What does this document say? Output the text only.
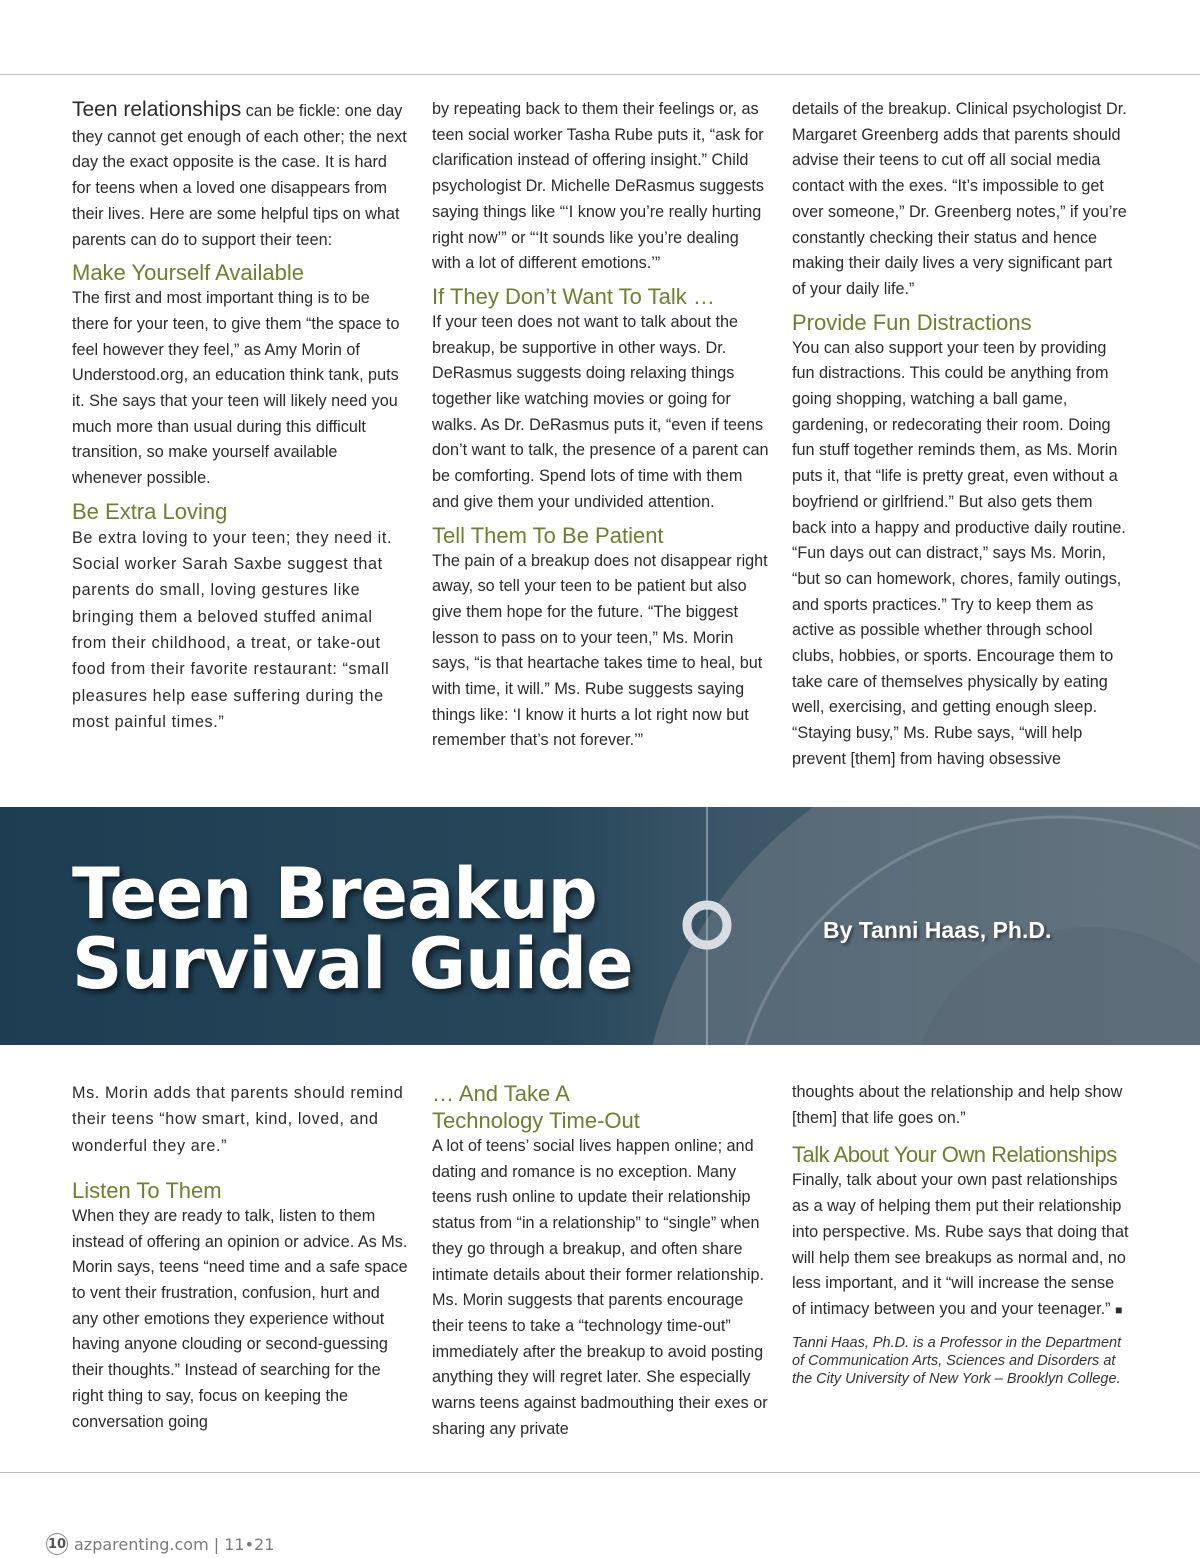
Teen relationships can be fickle: one day they cannot get enough of each other; the next day the exact opposite is the case. It is hard for teens when a loved one disappears from their lives. Here are some helpful tips on what parents can do to support their teen:

Make Yourself Available

The first and most important thing is to be there for your teen, to give them “the space to feel however they feel,” as Amy Morin of Understood.org, an education think tank, puts it. She says that your teen will likely need you much more than usual during this difficult transition, so make yourself available whenever possible.

Be Extra Loving

Be extra loving to your teen; they need it. Social worker Sarah Saxbe suggest that parents do small, loving gestures like bringing them a beloved stuffed animal from their childhood, a treat, or take-out food from their favorite restaurant: “small pleasures help ease suffering during the most painful times.”

by repeating back to them their feelings or, as teen social worker Tasha Rube puts it, “ask for clarification instead of offering insight.” Child psychologist Dr. Michelle DeRasmus suggests saying things like “‘I know you’re really hurting right now’” or “‘It sounds like you’re dealing with a lot of different emotions.’”

If They Don’t Want To Talk …

If your teen does not want to talk about the breakup, be supportive in other ways. Dr. DeRasmus suggests doing relaxing things together like watching movies or going for walks. As Dr. DeRasmus puts it, “even if teens don’t want to talk, the presence of a parent can be comforting. Spend lots of time with them and give them your undivided attention.

Tell Them To Be Patient

The pain of a breakup does not disappear right away, so tell your teen to be patient but also give them hope for the future. “The biggest lesson to pass on to your teen,” Ms. Morin says, “is that heartache takes time to heal, but with time, it will.” Ms. Rube suggests saying things like: ‘I know it hurts a lot right now but remember that’s not forever.’”

details of the breakup. Clinical psychologist Dr. Margaret Greenberg adds that parents should advise their teens to cut off all social media contact with the exes. “It’s impossible to get over someone,” Dr. Greenberg notes,” if you’re constantly checking their status and hence making their daily lives a very significant part of your daily life.”

Provide Fun Distractions

You can also support your teen by providing fun distractions. This could be anything from going shopping, watching a ball game, gardening, or redecorating their room. Doing fun stuff together reminds them, as Ms. Morin puts it, that “life is pretty great, even without a boyfriend or girlfriend.” But also gets them back into a happy and productive daily routine. “Fun days out can distract,” says Ms. Morin, “but so can homework, chores, family outings, and sports practices.” Try to keep them as active as possible whether through school clubs, hobbies, or sports. Encourage them to take care of themselves physically by eating well, exercising, and getting enough sleep. “Staying busy,” Ms. Rube says, “will help prevent [them] from having obsessive

Teen Breakup
Survival Guide	By Tanni Haas, Ph.D.

Ms. Morin adds that parents should remind their teens “how smart, kind, loved, and wonderful they are.”

Listen To Them

When they are ready to talk, listen to them instead of offering an opinion or advice. As Ms. Morin says, teens “need time and a safe space to vent their frustration, confusion, hurt and any other emotions they experience without having anyone clouding or second-guessing their thoughts.” Instead of searching for the right thing to say, focus on keeping the conversation going

… And Take A
Technology Time-Out

A lot of teens’ social lives happen online; and dating and romance is no exception. Many teens rush online to update their relationship status from “in a relationship” to “single” when they go through a breakup, and often share intimate details about their former relationship. Ms. Morin suggests that parents encourage their teens to take a “technology time-out” immediately after the breakup to avoid posting anything they will regret later. She especially warns teens against badmouthing their exes or sharing any private

thoughts about the relationship and help show [them] that life goes on.”

Talk About Your Own Relationships

Finally, talk about your own past relationships as a way of helping them put their relationship into perspective. Ms. Rube says that doing that will help them see breakups as normal and, no less important, and it “will increase the sense of intimacy between you and your teenager.” ■

Tanni Haas, Ph.D. is a Professor in the Department of Communication Arts, Sciences and Disorders at the City University of New York – Brooklyn College.

10 azparenting.com | 11•21
